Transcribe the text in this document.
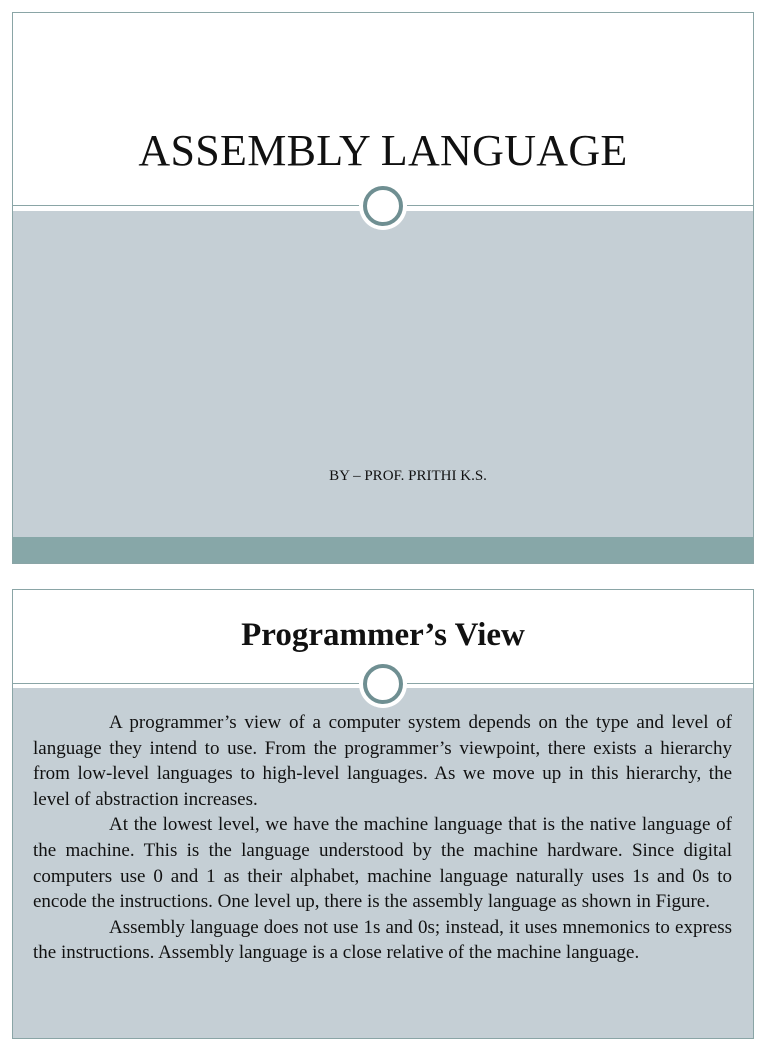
ASSEMBLY LANGUAGE
BY – PROF. PRITHI K.S.
Programmer’s View

A programmer’s view of a computer system depends on the type and level of language they intend to use. From the programmer’s viewpoint, there exists a hierarchy from low-level languages to high-level languages. As we move up in this hierarchy, the level of abstraction increases.

At the lowest level, we have the machine language that is the native language of the machine. This is the language understood by the machine hardware. Since digital computers use 0 and 1 as their alphabet, machine language naturally uses 1s and 0s to encode the instructions. One level up, there is the assembly language as shown in Figure.

Assembly language does not use 1s and 0s; instead, it uses mnemonics to express the instructions. Assembly language is a close relative of the machine language.
